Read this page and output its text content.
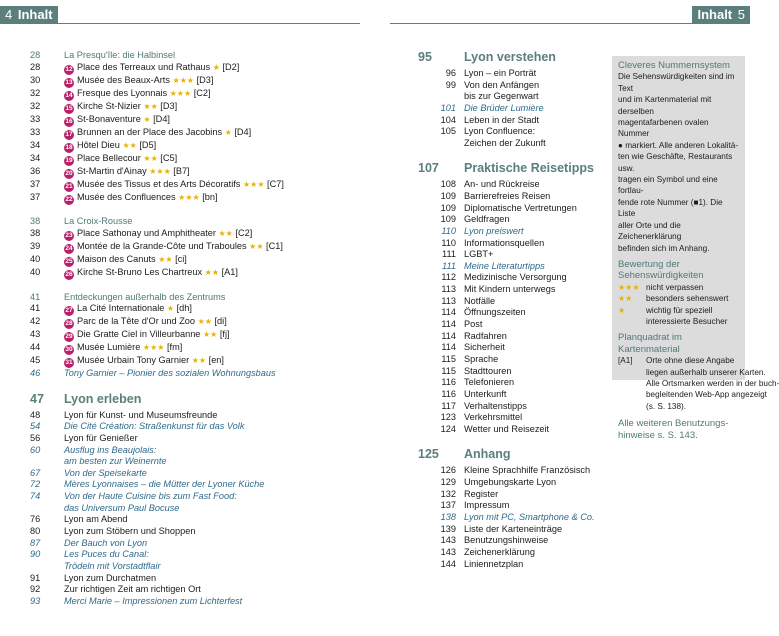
4 Inhalt	Inhalt 5
28	La Presqu'île: die Halbinsel
28	12 Place des Terreaux und Rathaus ★ [D2]
30	13 Musée des Beaux-Arts ★★★ [D3]
32	14 Fresque des Lyonnais ★★★ [C2]
32	15 Kirche St-Nizier ★★ [D3]
33	16 St-Bonaventure ★ [D4]
33	17 Brunnen an der Place des Jacobins ★ [D4]
34	18 Hôtel Dieu ★★ [D5]
34	19 Place Bellecour ★★ [C5]
36	20 St-Martin d'Ainay ★★★ [B7]
37	21 Musée des Tissus et des Arts Décoratifs ★★★ [C7]
37	22 Musée des Confluences ★★★ [bn]
38	La Croix-Rousse
38	23 Place Sathonay und Amphitheater ★★ [C2]
39	24 Montée de la Grande-Côte und Traboules ★★ [C1]
40	25 Maison des Canuts ★★ [ci]
40	26 Kirche St-Bruno Les Chartreux ★★ [A1]
41	Entdeckungen außerhalb des Zentrums
41	27 La Cité Internationale ★ [dh]
42	28 Parc de la Tête d'Or und Zoo ★★ [di]
43	29 Die Gratte Ciel in Villeurbanne ★★ [fj]
44	30 Musée Lumière ★★★ [fm]
45	31 Musée Urbain Tony Garnier ★★ [en]
46	Tony Garnier – Pionier des sozialen Wohnungsbaus
47	Lyon erleben
48	Lyon für Kunst- und Museumsfreunde
54	Die Cité Création: Straßenkunst für das Volk
56	Lyon für Genießer
60	Ausflug ins Beaujolais:
am besten zur Weinernte
67	Von der Speisekarte
72	Mères Lyonnaises – die Mütter der Lyoner Küche
74	Von der Haute Cuisine bis zum Fast Food:
das Universum Paul Bocuse
76	Lyon am Abend
80	Lyon zum Stöbern und Shoppen
87	Der Bauch von Lyon
90	Les Puces du Canal:
Trödeln mit Vorstadtflair
91	Lyon zum Durchatmen
92	Zur richtigen Zeit am richtigen Ort
93	Merci Marie – Impressionen zum Lichterfest
95	Lyon verstehen
96 Lyon – ein Porträt
99 Von den Anfängen
bis zur Gegenwart
101 Die Brüder Lumière
104 Leben in der Stadt
105 Lyon Confluence:
Zeichen der Zukunft
107	Praktische Reisetipps
108 An- und Rückreise
109 Barrierefreies Reisen
109 Diplomatische Vertretungen
109 Geldfragen
110 Lyon preiswert
110 Informationsquellen
111 LGBT+
111 Meine Literaturtipps
112 Medizinische Versorgung
113 Mit Kindern unterwegs
113 Notfälle
114 Öffnungszeiten
114 Post
114 Radfahren
114 Sicherheit
115 Sprache
115 Stadttouren
116 Telefonieren
116 Unterkunft
117 Verhaltenstipps
123 Verkehrsmittel
124 Wetter und Reisezeit
125	Anhang
126 Kleine Sprachhilfe Französisch
129 Umgebungskarte Lyon
132 Register
137 Impressum
138 Lyon mit PC, Smartphone & Co.
139 Liste der Karteneinträge
143 Benutzungshinweise
143 Zeichenerklärung
144 Liniennetzplan
Cleveres Nummernsystem
Die Sehenswürdigkeiten sind im Text
und im Kartenmaterial mit derselben
magentafarbenen ovalen Nummer
● markiert. Alle anderen Lokalitä-
ten wie Geschäfte, Restaurants usw.
tragen ein Symbol und eine fortlau-
fende rote Nummer (■1). Die Liste
aller Orte und die Zeichenerklärung
befinden sich im Anhang.
Bewertung der
Sehenswürdigkeiten
★★★ nicht verpassen
★★	besonders sehenswert
★	wichtig für speziell
interessierte Besucher
Planquadrat im Kartenmaterial
[A1]	Orte ohne diese Angabe
liegen außerhalb unserer Karten.
Alle Ortsmarken werden in der buch-
begleitenden Web-App angezeigt
(s. S. 138).
Alle weiteren Benutzungs-
hinweise s. S. 143.
